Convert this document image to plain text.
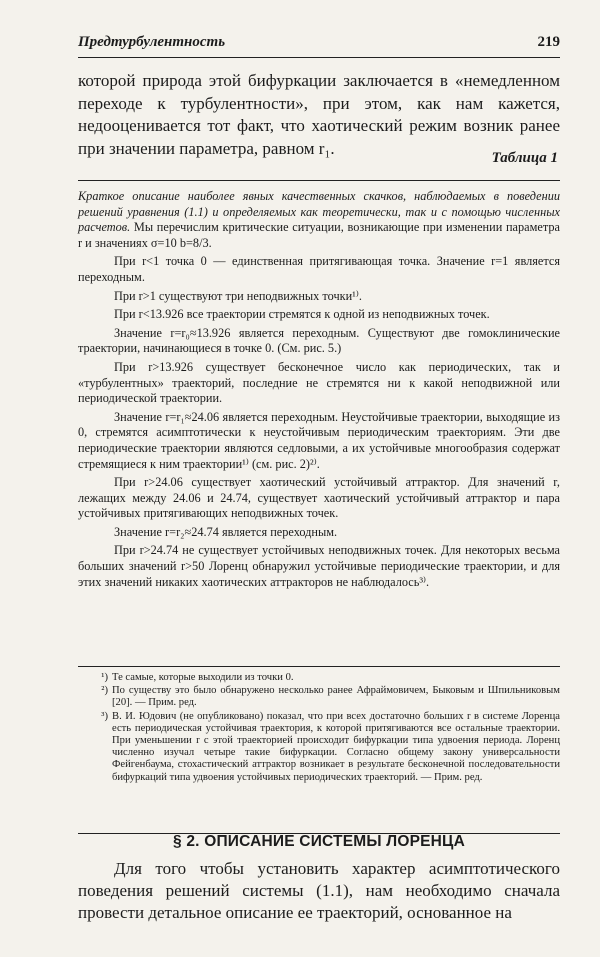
Предтурбулентность	219
которой природа этой бифуркации заключается в «немедленном переходе к турбулентности», при этом, как нам кажется, недооценивается тот факт, что хаотический режим возник ранее при значении параметра, равном r₁.
Таблица 1

Краткое описание наиболее явных качественных скачков, наблюдаемых в поведении решений уравнения (1.1) и определяемых как теоретически, так и с помощью численных расчетов. Мы перечислим критические ситуации, возникающие при изменении параметра r и значениях σ=10 b=8/3.

При r<1 точка 0 — единственная притягивающая точка. Значение r=1 является переходным.

При r>1 существуют три неподвижных точки¹⁾.

При r<13.926 все траектории стремятся к одной из неподвижных точек.

Значение r=r₀≈13.926 является переходным. Существуют две гомоклинические траектории, начинающиеся в точке 0. (См. рис. 5.)

При r>13.926 существует бесконечное число как периодических, так и «турбулентных» траекторий, последние не стремятся ни к какой неподвижной или периодической траектории.

Значение r=r₁≈24.06 является переходным. Неустойчивые траектории, выходящие из 0, стремятся асимптотически к неустойчивым периодическим траекториям. Эти две периодические траектории являются седловыми, а их устойчивые многообразия содержат стремящиеся к ним траектории¹⁾ (см. рис. 2)²⁾.

При r>24.06 существует хаотический устойчивый аттрактор. Для значений r, лежащих между 24.06 и 24.74, существует хаотический устойчивый аттрактор и пара устойчивых притягивающих неподвижных точек.

Значение r=r₂≈24.74 является переходным.

При r>24.74 не существует устойчивых неподвижных точек. Для некоторых весьма больших значений r>50 Лоренц обнаружил устойчивые периодические траектории, и для этих значений никаких хаотических аттракторов не наблюдалось³⁾.

¹) Те самые, которые выходили из точки 0.
²) По существу это было обнаружено несколько ранее Афраймовичем, Быковым и Шпильниковым [20]. — Прим. ред.
³) В. И. Юдович (не опубликовано) показал, что при всех достаточно больших r в системе Лоренца есть периодическая устойчивая траектория, к которой притягиваются все остальные траектории. При уменьшении r с этой траекторией происходит бифуркации типа удвоения периода. Лоренц численно изучал четыре такие бифуркации. Согласно общему закону универсальности Фейгенбаума, стохастический аттрактор возникает в результате бесконечной последовательности бифуркаций типа удвоения устойчивых периодических траекторий. — Прим. ред.
§ 2. ОПИСАНИЕ СИСТЕМЫ ЛОРЕНЦА
Для того чтобы установить характер асимптотического поведения решений системы (1.1), нам необходимо сначала провести детальное описание ее траекторий, основанное на
